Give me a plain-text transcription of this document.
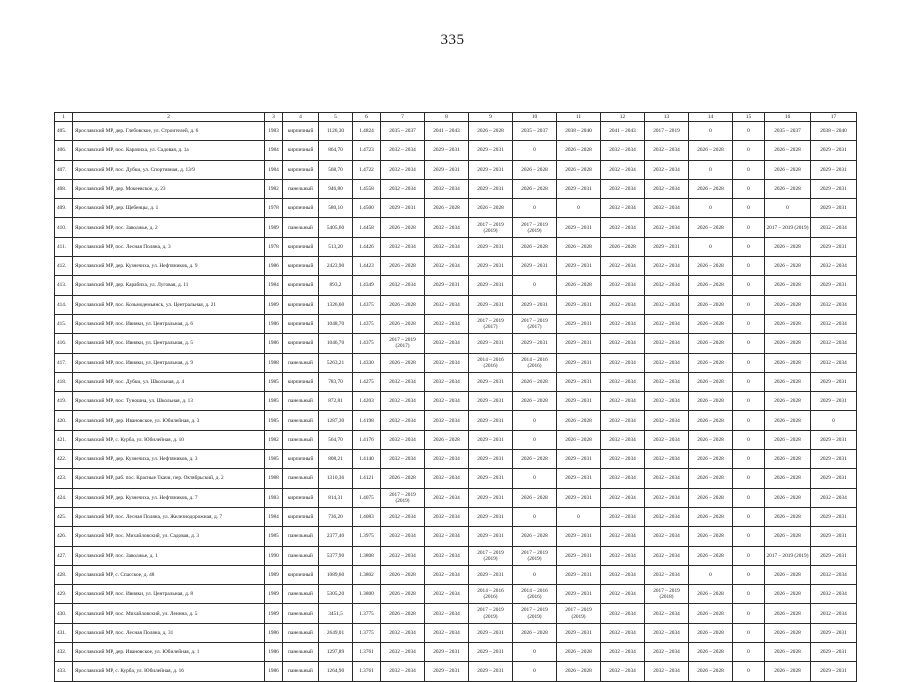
335
1	2	3	4	5	6	7	8	9	10	11	12	13	14	15	16	17
405.	Ярославский МР, дер. Глебовское, ул. Строителей, д. 6	1983	кирпичный	1126,30	1.4824	2035 – 2037	2041 – 2043	2026 – 2028	2035 – 2037	2038 – 2040	2041 – 2043	2017 – 2019	0	0	2035 – 2037	2038 – 2040
406.	Ярославский МР, пос. Карачиха, ул. Садовая, д. 1а	1984	кирпичный	864,70	1.4723	2032 – 2034	2029 – 2031	2029 – 2031	0	2026 – 2028	2032 – 2034	2032 – 2034	2026 – 2028	0	2026 – 2028	2029 – 2031
407.	Ярославский МР, пос. Дубки, ул. Спортивная, д. 13/9	1984	кирпичный	568,70	1.4722	2032 – 2034	2029 – 2031	2029 – 2031	2026 – 2028	2026 – 2028	2032 – 2034	2032 – 2034	0	0	2026 – 2028	2029 – 2031
408.	Ярославский МР, дер. Мокеевское, д. 23	1982	панельный	946,80	1.4558	2032 – 2034	2032 – 2034	2029 – 2031	2026 – 2028	2029 – 2031	2032 – 2034	2032 – 2034	2026 – 2028	0	2026 – 2028	2029 – 2031
409.	Ярославский МР, дер. Щебенцы, д. 1	1978	кирпичный	580,10	1.4500	2029 – 2031	2026 – 2028	2026 – 2028	0	0	2032 – 2034	2032 – 2034	0	0	0	2029 – 2031
410.	Ярославский МР, пос. Заволжье, д. 2	1989	панельный	5405,60	1.4458	2026 – 2028	2032 – 2034	2017 – 2019 (2019)	2017 – 2019 (2019)	2029 – 2031	2032 – 2034	2032 – 2034	2026 – 2028	0	2017 – 2019 (2019)	2032 – 2034
411.	Ярославский МР, пос. Лесная Поляна, д. 3	1978	кирпичный	513,20	1.4426	2032 – 2034	2032 – 2034	2029 – 2031	2026 – 2028	2026 – 2028	2026 – 2028	2029 – 2031	0	0	2026 – 2028	2029 – 2031
412.	Ярославский МР, дер. Кузнечиха, ул. Нефтяников, д. 9	1986	кирпичный	2423,90	1.4423	2026 – 2028	2032 – 2034	2029 – 2031	2029 – 2031	2029 – 2031	2032 – 2034	2032 – 2034	2026 – 2028	0	2026 – 2028	2032 – 2034
413.	Ярославский МР, дер. Карабиха, ул. Луговая, д. 11	1984	кирпичный	893,2	1.4349	2032 – 2034	2029 – 2031	2029 – 2031	0	2026 – 2028	2032 – 2034	2032 – 2034	2026 – 2028	0	2026 – 2028	2029 – 2031
414.	Ярославский МР, пос. Козьмодемьянск, ул. Центральная, д. 21	1989	кирпичный	1326,60	1.4375	2026 – 2028	2032 – 2034	2029 – 2031	2029 – 2031	2029 – 2031	2032 – 2034	2032 – 2034	2026 – 2028	0	2026 – 2028	2032 – 2034
415.	Ярославский МР, пос. Ивняки, ул. Центральная, д. 6	1986	кирпичный	1048,70	1.4375	2026 – 2028	2032 – 2034	2017 – 2019 (2017)	2017 – 2019 (2017)	2029 – 2031	2032 – 2034	2032 – 2034	2026 – 2028	0	2026 – 2028	2032 – 2034
416.	Ярославский МР, пос. Ивняки, ул. Центральная, д. 5	1986	кирпичный	1046,70	1.4375	2017 – 2019 (2017)	2032 – 2034	2029 – 2031	2029 – 2031	2029 – 2031	2032 – 2034	2032 – 2034	2026 – 2028	0	2026 – 2028	2032 – 2034
417.	Ярославский МР, пос. Ивняки, ул. Центральная, д. 9	1988	панельный	5263,21	1.4330	2026 – 2028	2032 – 2034	2014 – 2016 (2016)	2014 – 2016 (2016)	2029 – 2031	2032 – 2034	2032 – 2034	2026 – 2028	0	2026 – 2028	2032 – 2034
418.	Ярославский МР, пос. Дубки, ул. Школьная, д. 4	1985	кирпичный	783,70	1.4275	2032 – 2034	2032 – 2034	2029 – 2031	2026 – 2028	2029 – 2031	2032 – 2034	2032 – 2034	2026 – 2028	0	2026 – 2028	2029 – 2031
419.	Ярославский МР, пос. Туношна, ул. Школьная, д. 13	1985	панельный	872,81	1.4203	2032 – 2034	2032 – 2034	2029 – 2031	2026 – 2028	2029 – 2031	2032 – 2034	2032 – 2034	2026 – 2028	0	2026 – 2028	2029 – 2031
420.	Ярославский МР, дер. Ивановское, ул. Юбилейная, д. 3	1985	панельный	1287,30	1.4198	2032 – 2034	2032 – 2034	2029 – 2031	0	2026 – 2028	2032 – 2034	2032 – 2034	2026 – 2028	0	2026 – 2028	0
421.	Ярославский МР, с. Курба, ул. Юбилейная, д. 10	1982	панельный	564,70	1.4176	2032 – 2034	2026 – 2028	2029 – 2031	0	2026 – 2028	2032 – 2034	2032 – 2034	2026 – 2028	0	2026 – 2028	2029 – 2031
422.	Ярославский МР, дер. Кузнечиха, ул. Нефтяников, д. 3	1985	кирпичный	808,21	1.4140	2032 – 2034	2032 – 2034	2029 – 2031	2026 – 2028	2029 – 2031	2032 – 2034	2032 – 2034	2026 – 2028	0	2026 – 2028	2029 – 2031
423.	Ярославский МР, раб. пос. Красные Ткачи, пер. Октябрьский, д. 2	1988	панельный	1310,36	1.4121	2026 – 2028	2032 – 2034	2029 – 2031	0	2029 – 2031	2032 – 2034	2032 – 2034	2026 – 2028	0	2026 – 2028	2029 – 2031
424.	Ярославский МР, дер. Кузнечиха, ул. Нефтяников, д. 7	1983	кирпичный	814,31	1.4075	2017 – 2019 (2019)	2032 – 2034	2029 – 2031	2026 – 2028	2029 – 2031	2032 – 2034	2032 – 2034	2026 – 2028	0	2026 – 2028	2032 – 2034
425.	Ярославский МР, пос. Лесная Поляна, ул. Железнодорожная, д. 7	1984	кирпичный	736,20	1.4083	2032 – 2034	2032 – 2034	2029 – 2031	0	0	2032 – 2034	2032 – 2034	2026 – 2028	0	2026 – 2028	2029 – 2031
426.	Ярославский МР, пос. Михайловский, ул. Садовая, д. 3	1985	панельный	2377,40	1.3975	2032 – 2034	2032 – 2034	2029 – 2031	2026 – 2028	2029 – 2031	2032 – 2034	2032 – 2034	2026 – 2028	0	2026 – 2028	2029 – 2031
427.	Ярославский МР, пос. Заволжье, д. 1	1990	панельный	5377,90	1.3808	2032 – 2034	2032 – 2034	2017 – 2019 (2019)	2017 – 2019 (2019)	2029 – 2031	2032 – 2034	2032 – 2034	2026 – 2028	0	2017 – 2019 (2019)	2029 – 2031
428.	Ярославский МР, с. Спасское, д. 48	1989	кирпичный	1089,60	1.3802	2026 – 2028	2032 – 2034	2029 – 2031	0	2029 – 2031	2032 – 2034	2032 – 2034	0	0	2026 – 2028	2032 – 2034
429.	Ярославский МР, пос. Ивняки, ул. Центральная, д. 8	1989	панельный	5305,20	1.3800	2026 – 2028	2032 – 2034	2014 – 2016 (2016)	2014 – 2016 (2016)	2029 – 2031	2032 – 2034	2017 – 2019 (2018)	2026 – 2028	0	2026 – 2028	2032 – 2034
430.	Ярославский МР, пос. Михайловский, ул. Ленина, д. 5	1989	панельный	3451,5	1.3775	2026 – 2028	2032 – 2034	2017 – 2019 (2019)	2017 – 2019 (2019)	2017 – 2019 (2019)	2032 – 2034	2032 – 2034	2026 – 2028	0	2026 – 2028	2032 – 2034
431.	Ярославский МР, пос. Лесная Поляна, д. 31	1986	панельный	2649,01	1.3775	2032 – 2034	2032 – 2034	2029 – 2031	2026 – 2028	2029 – 2031	2032 – 2034	2032 – 2034	2026 – 2028	0	2026 – 2028	2029 – 2031
432.	Ярославский МР, дер. Ивановское, ул. Юбилейная, д. 1	1986	панельный	1297,89	1.3761	2032 – 2034	2029 – 2031	2029 – 2031	0	2026 – 2028	2032 – 2034	2032 – 2034	2026 – 2028	0	2026 – 2028	2029 – 2031
433.	Ярославский МР, с. Курба, ул. Юбилейная, д. 16	1986	панельный	1264,90	1.3761	2032 – 2034	2029 – 2031	2029 – 2031	0	2026 – 2028	2032 – 2034	2032 – 2034	2026 – 2028	0	2026 – 2028	2029 – 2031
